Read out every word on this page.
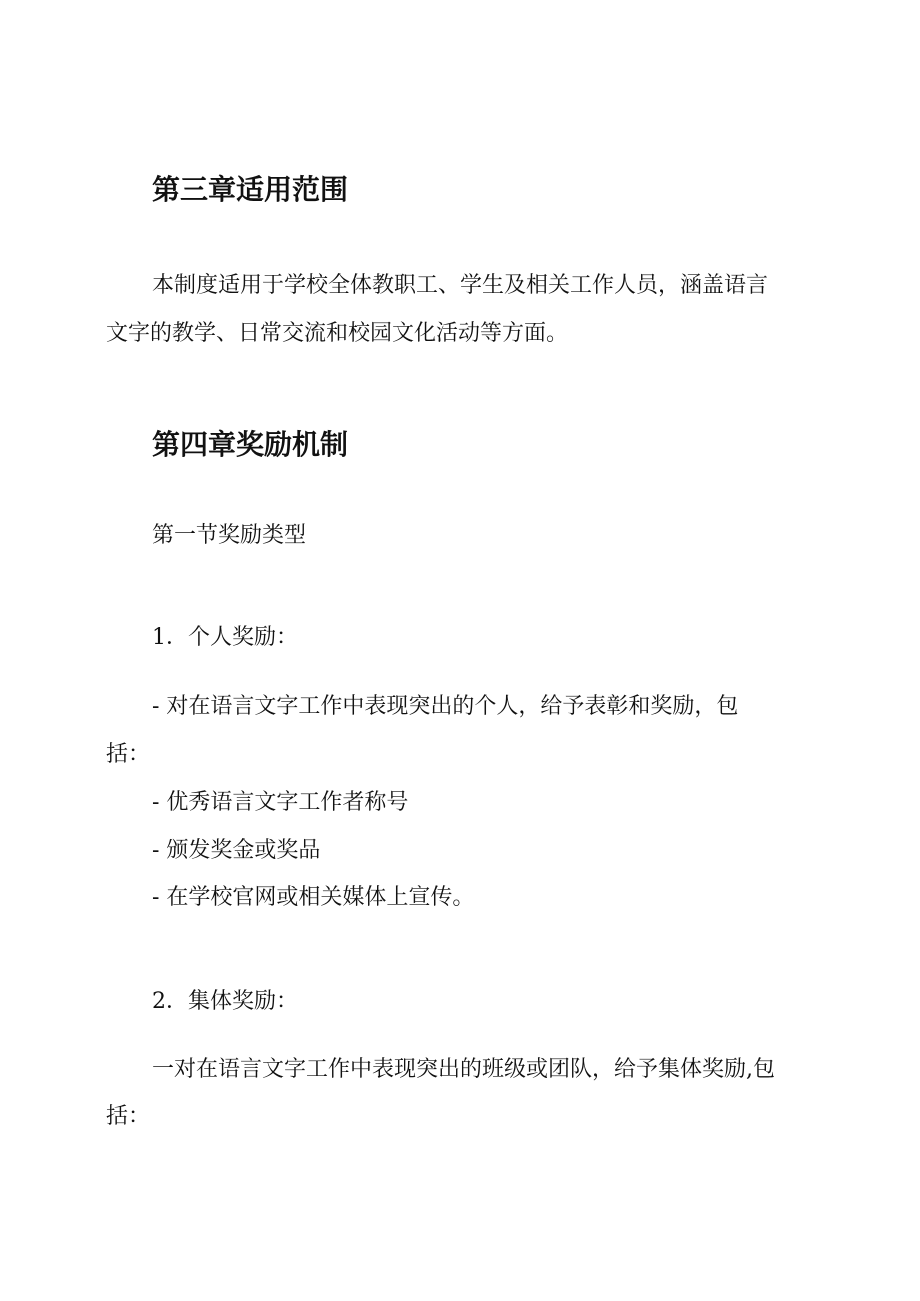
第三章适用范围

本制度适用于学校全体教职工、学生及相关工作人员，涵盖语言

文字的教学、日常交流和校园文化活动等方面。

第四章奖励机制

第一节奖励类型

1．个人奖励：

- 对在语言文字工作中表现突出的个人，给予表彰和奖励，包

括：

- 优秀语言文字工作者称号

- 颁发奖金或奖品

- 在学校官网或相关媒体上宣传。

2．集体奖励：

一对在语言文字工作中表现突出的班级或团队，给予集体奖励,包

括：
